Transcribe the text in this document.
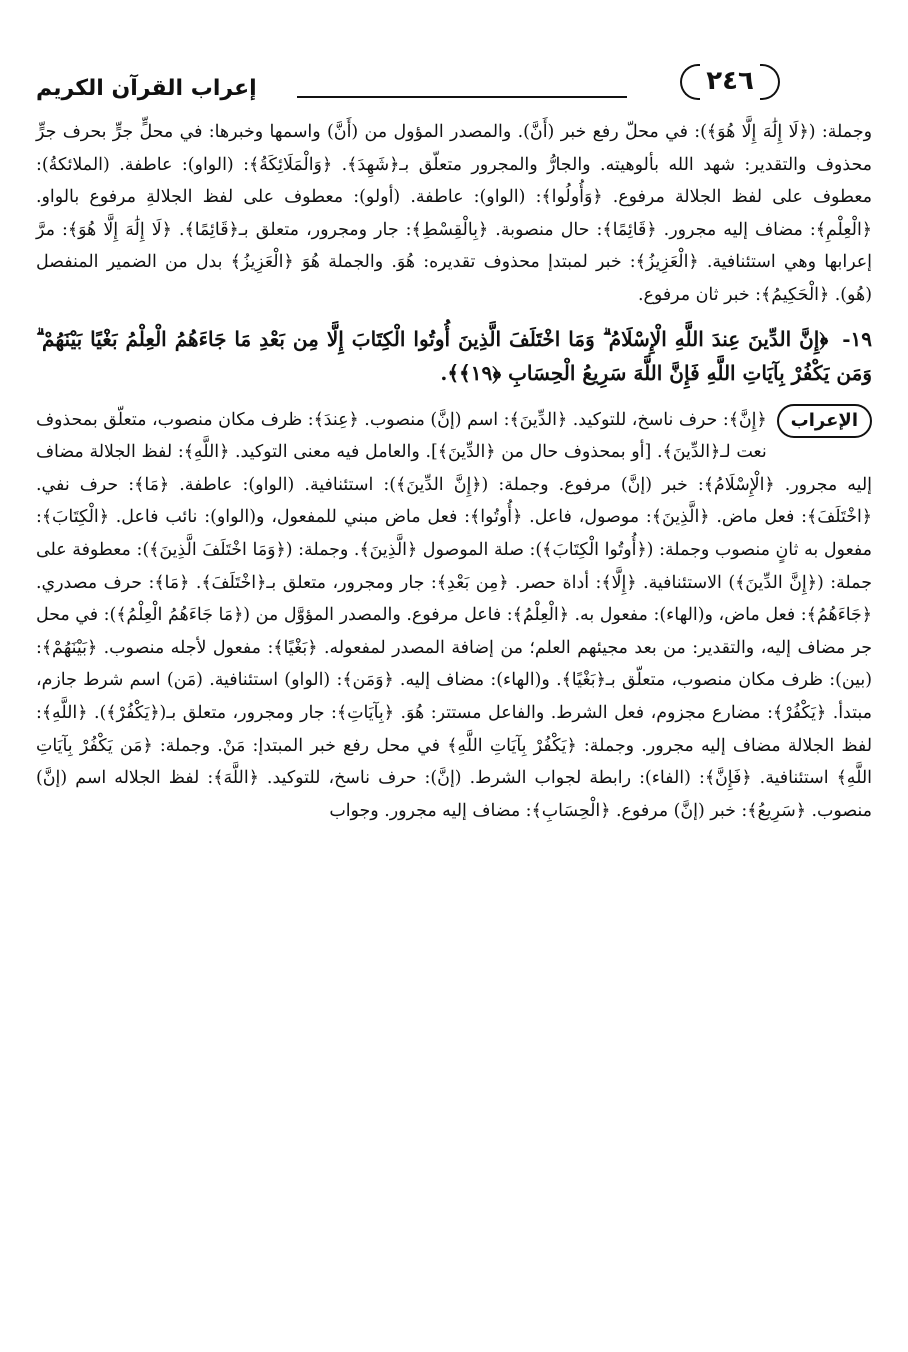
٢٤٦
إعراب القرآن الكريم

وجملة: (﴿لَا إِلَٰهَ إِلَّا هُوَ﴾): في محلّ رفع خبر (أَنَّ). والمصدر المؤول من (أَنَّ) واسمها وخبرها: في محلٍّ جرٍّ بحرف جرٍّ محذوف والتقدير: شهد الله بألوهيته. والجارُّ والمجرور متعلّق بـ﴿شَهِدَ﴾. ﴿وَالْمَلَائِكَةُ﴾: (الواو): عاطفة. (الملائكةُ): معطوف على لفظ الجلالة مرفوع. ﴿وَأُولُوا﴾: (الواو): عاطفة. (أولو): معطوف على لفظ الجلالةِ مرفوع بالواو. ﴿الْعِلْمِ﴾: مضاف إليه مجرور. ﴿قَائِمًا﴾: حال منصوبة. ﴿بِالْقِسْطِ﴾: جار ومجرور، متعلق بـ﴿قَائِمًا﴾. ﴿لَا إِلَٰهَ إِلَّا هُوَ﴾: مرَّ إعرابها وهي استئنافية. ﴿الْعَزِيزُ﴾: خبر لمبتدإ محذوف تقديره: هُوَ. والجملة هُوَ ﴿الْعَزِيزُ﴾ بدل من الضمير المنفصل (هُو). ﴿الْحَكِيمُ﴾: خبر ثان مرفوع.

١٩- ﴿إِنَّ الدِّينَ عِندَ اللَّهِ الْإِسْلَامُ ۗ وَمَا اخْتَلَفَ الَّذِينَ أُوتُوا الْكِتَابَ إِلَّا مِن بَعْدِ مَا جَاءَهُمُ الْعِلْمُ بَغْيًا بَيْنَهُمْ ۗ وَمَن يَكْفُرْ بِآيَاتِ اللَّهِ فَإِنَّ اللَّهَ سَرِيعُ الْحِسَابِ ﴿١٩﴾﴾.
الإعراب

﴿إِنَّ﴾: حرف ناسخ، للتوكيد. ﴿الدِّينَ﴾: اسم (إنَّ) منصوب. ﴿عِندَ﴾: ظرف مكان منصوب، متعلّق بمحذوف نعت لـ﴿الدِّينَ﴾. [أو بمحذوف حال من ﴿الدِّينَ﴾]. والعامل فيه معنى التوكيد. ﴿اللَّهِ﴾: لفظ الجلالة مضاف إليه مجرور. ﴿الْإِسْلَامُ﴾: خبر (إنَّ) مرفوع. وجملة: (﴿إِنَّ الدِّينَ﴾): استئنافية. (الواو): عاطفة. ﴿مَا﴾: حرف نفي. ﴿اخْتَلَفَ﴾: فعل ماض. ﴿الَّذِينَ﴾: موصول، فاعل. ﴿أُوتُوا﴾: فعل ماض مبني للمفعول، و(الواو): نائب فاعل. ﴿الْكِتَابَ﴾: مفعول به ثانٍ منصوب وجملة: (﴿أُوتُوا الْكِتَابَ﴾): صلة الموصول ﴿الَّذِينَ﴾. وجملة: (﴿وَمَا اخْتَلَفَ الَّذِينَ﴾): معطوفة على جملة: (﴿إِنَّ الدِّينَ﴾) الاستئنافية. ﴿إِلَّا﴾: أداة حصر. ﴿مِن بَعْدِ﴾: جار ومجرور، متعلق بـ﴿اخْتَلَفَ﴾. ﴿مَا﴾: حرف مصدري. ﴿جَاءَهُمُ﴾: فعل ماض، و(الهاء): مفعول به. ﴿الْعِلْمُ﴾: فاعل مرفوع. والمصدر المؤوَّل من (﴿مَا جَاءَهُمُ الْعِلْمُ﴾): في محل جر مضاف إليه، والتقدير: من بعد مجيئهم العلم؛ من إضافة المصدر لمفعوله. ﴿بَغْيًا﴾: مفعول لأجله منصوب. ﴿بَيْنَهُمْ﴾: (بين): ظرف مكان منصوب، متعلّق بـ﴿بَغْيًا﴾. و(الهاء): مضاف إليه. ﴿وَمَن﴾: (الواو) استئنافية. (مَن) اسم شرط جازم، مبتدأ. ﴿يَكْفُرْ﴾: مضارع مجزوم، فعل الشرط. والفاعل مستتر: هُوَ. ﴿بِآيَاتِ﴾: جار ومجرور، متعلق بـ(﴿يَكْفُرْ﴾). ﴿اللَّهِ﴾: لفظ الجلالة مضاف إليه مجرور. وجملة: ﴿يَكْفُرْ بِآيَاتِ اللَّهِ﴾ في محل رفع خبر المبتدإ: مَنْ. وجملة: ﴿مَن يَكْفُرْ بِآيَاتِ اللَّهِ﴾ استئنافية. ﴿فَإِنَّ﴾: (الفاء): رابطة لجواب الشرط. (إنَّ): حرف ناسخ، للتوكيد. ﴿اللَّهَ﴾: لفظ الجلاله اسم (إنَّ) منصوب. ﴿سَرِيعُ﴾: خبر (إنَّ) مرفوع. ﴿الْحِسَابِ﴾: مضاف إليه مجرور. وجواب
